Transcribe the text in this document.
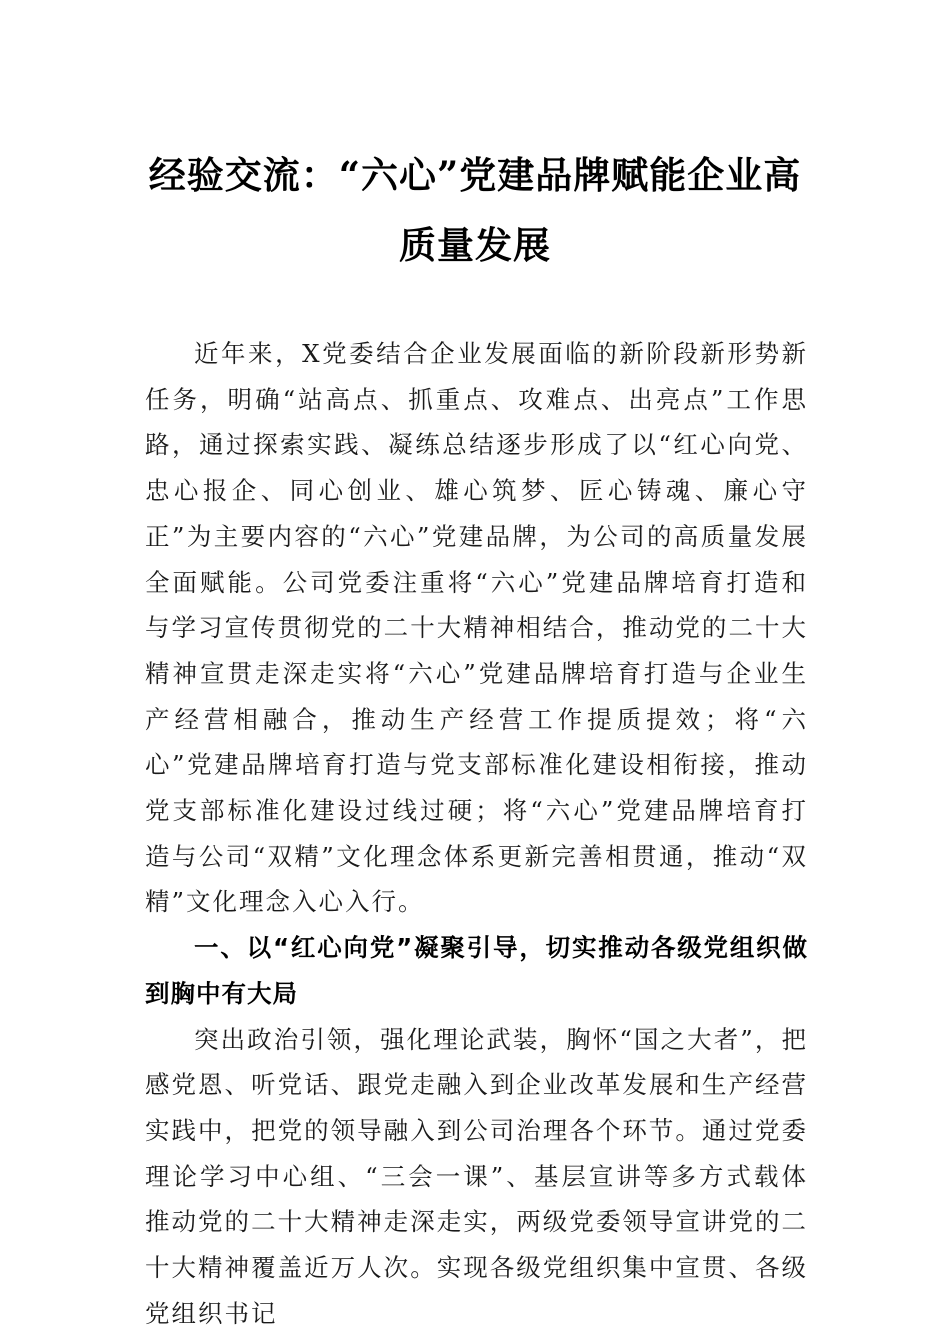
经验交流：“六心”党建品牌赋能企业高质量发展

近年来，X党委结合企业发展面临的新阶段新形势新任务，明确“站高点、抓重点、攻难点、出亮点”工作思路，通过探索实践、凝练总结逐步形成了以“红心向党、忠心报企、同心创业、雄心筑梦、匠心铸魂、廉心守正”为主要内容的“六心”党建品牌，为公司的高质量发展全面赋能。公司党委注重将“六心”党建品牌培育打造和与学习宣传贯彻党的二十大精神相结合，推动党的二十大精神宣贯走深走实将“六心”党建品牌培育打造与企业生产经营相融合，推动生产经营工作提质提效；将“六心”党建品牌培育打造与党支部标准化建设相衔接，推动党支部标准化建设过线过硬；将“六心”党建品牌培育打造与公司“双精”文化理念体系更新完善相贯通，推动“双精”文化理念入心入行。

一、以“红心向党”凝聚引导，切实推动各级党组织做到胸中有大局

突出政治引领，强化理论武装，胸怀“国之大者”，把感党恩、听党话、跟党走融入到企业改革发展和生产经营实践中，把党的领导融入到公司治理各个环节。通过党委理论学习中心组、“三会一课”、基层宣讲等多方式载体推动党的二十大精神走深走实，两级党委领导宣讲党的二十大精神覆盖近万人次。实现各级党组织集中宣贯、各级党组织书记
